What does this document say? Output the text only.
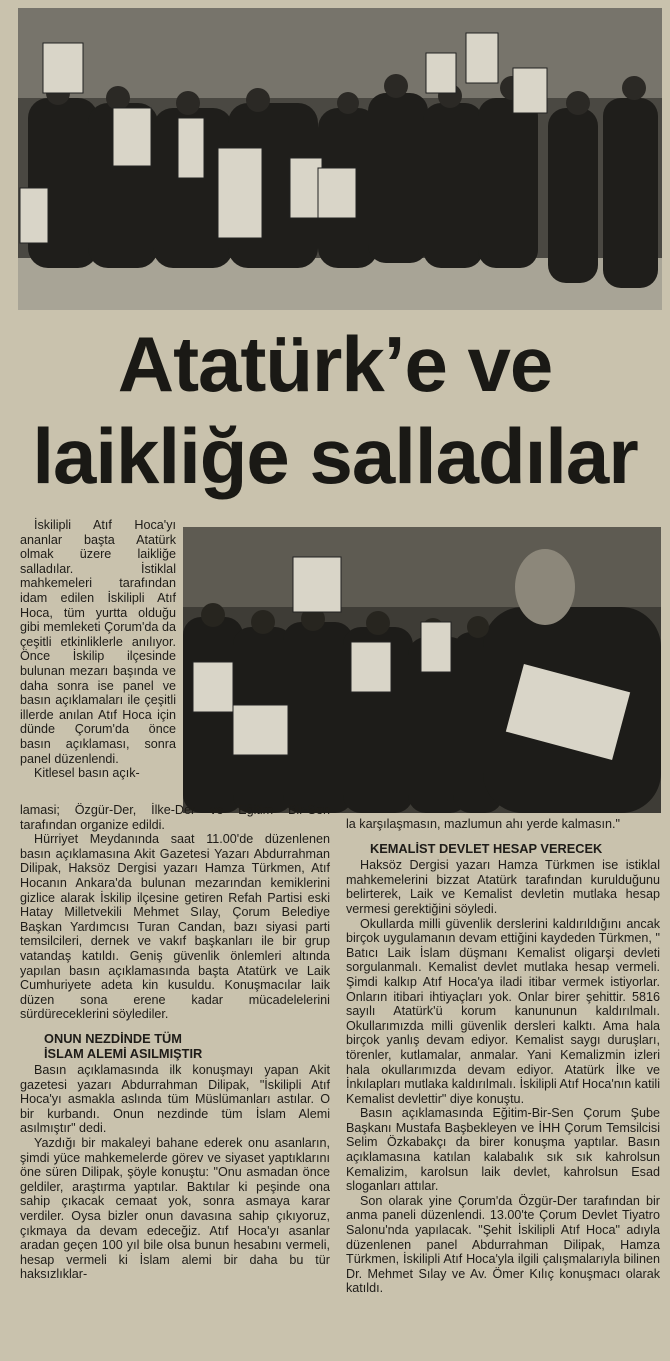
Atatürk’e ve
laikliğe salladılar

İskilipli Atıf Hoca'yı ananlar başta Atatürk olmak üzere laikliğe salladılar. İstiklal mahkemeleri tarafından idam edilen İskilipli Atıf Hoca, tüm yurtta olduğu gibi memleketi Çorum'da da çeşitli etkinliklerle anılıyor. Önce İskilip ilçesinde bulunan mezarı başında ve daha sonra ise panel ve basın açıklamaları ile çeşitli illerde anılan Atıf Hoca için dünde Çorum'da önce basın açıklaması, sonra panel düzenlendi.

Kitlesel basın açık-

lamasi; Özgür-Der, İlke-Der ve Eğitim Bir-Sen tarafından organize edildi.

Hürriyet Meydanında saat 11.00'de düzenlenen basın açıklamasına Akit Gazetesi Yazarı Abdurrahman Dilipak, Haksöz Dergisi yazarı Hamza Türkmen, Atıf Hocanın Ankara'da bulunan mezarından kemiklerini gizlice alarak İskilip ilçesine getiren Refah Partisi eski Hatay Milletvekili Mehmet Sılay, Çorum Belediye Başkan Yardımcısı Turan Candan, bazı siyasi parti temsilcileri, dernek ve vakıf başkanları ile bir grup vatandaş katıldı. Geniş güvenlik önlemleri altında yapılan basın açıklamasında başta Atatürk ve Laik Cumhuriyete adeta kin kusuldu. Konuşmacılar laik düzen sona erene kadar mücadelelerini sürdüreceklerini söylediler.

ONUN NEZDİNDE TÜM
İSLAM ALEMİ ASILMIŞTIR

Basın açıklamasında ilk konuşmayı yapan Akit gazetesi yazarı Abdurrahman Dilipak, "İskilipli Atıf Hoca'yı asmakla aslında tüm Müslümanları astılar. O bir kurbandı. Onun nezdinde tüm İslam Alemi asılmıştır" dedi.

Yazdığı bir makaleyi bahane ederek onu asanların, şimdi yüce mahkemelerde görev ve siyaset yaptıklarını öne süren Dilipak, şöyle konuştu: "Onu asmadan önce geldiler, araştırma yaptılar. Baktılar ki peşinde ona sahip çıkacak cemaat yok, sonra asmaya karar verdiler. Oysa bizler onun davasına sahip çıkıyoruz, çıkmaya da devam edeceğiz. Atıf Hoca'yı asanlar aradan geçen 100 yıl bile olsa bunun hesabını vermeli, hesap vermeli ki İslam alemi bir daha bu tür haksızlıklar-

la karşılaşmasın, mazlumun ahı yerde kalmasın."

KEMALİST DEVLET HESAP VERECEK

Haksöz Dergisi yazarı Hamza Türkmen ise istiklal mahkemelerini bizzat Atatürk tarafından kurulduğunu belirterek, Laik ve Kemalist devletin mutlaka hesap vermesi gerektiğini söyledi.

Okullarda milli güvenlik derslerini kaldırıldığını ancak birçok uygulamanın devam ettiğini kaydeden Türkmen, " Batıcı Laik İslam düşmanı Kemalist oligarşi devleti sorgulanmalı. Kemalist devlet mutlaka hesap vermeli. Şimdi kalkıp Atıf Hoca'ya iladi itibar vermek istiyorlar. Onların itibari ihtiyaçları yok. Onlar birer şehittir. 5816 sayılı Atatürk'ü korum kanununun kaldırılmalı. Okullarımızda milli güvenlik dersleri kalktı. Ama hala birçok yanlış devam ediyor. Kemalist saygı duruşları, törenler, kutlamalar, anmalar. Yani Kemalizmin izleri hala okullarımızda devam ediyor. Atatürk İlke ve İnkılapları mutlaka kaldırılmalı. İskilipli Atıf Hoca'nın katili Kemalist devlettir" diye konuştu.

Basın açıklamasında Eğitim-Bir-Sen Çorum Şube Başkanı Mustafa Başbekleyen ve İHH Çorum Temsilcisi Selim Özkabakçı da birer konuşma yaptılar. Basın açıklamasına katılan kalabalık sık sık kahrolsun Kemalizim, karolsun laik devlet, kahrolsun Esad sloganları attılar.

Son olarak yine Çorum'da Özgür-Der tarafından bir anma paneli düzenlendi. 13.00'te Çorum Devlet Tiyatro Salonu'nda yapılacak. "Şehit İskilipli Atıf Hoca" adıyla düzenlenen panel Abdurrahman Dilipak, Hamza Türkmen, İskilipli Atıf Hoca'yla ilgili çalışmalarıyla bilinen Dr. Mehmet Sılay ve Av. Ömer Kılıç konuşmacı olarak katıldı.
